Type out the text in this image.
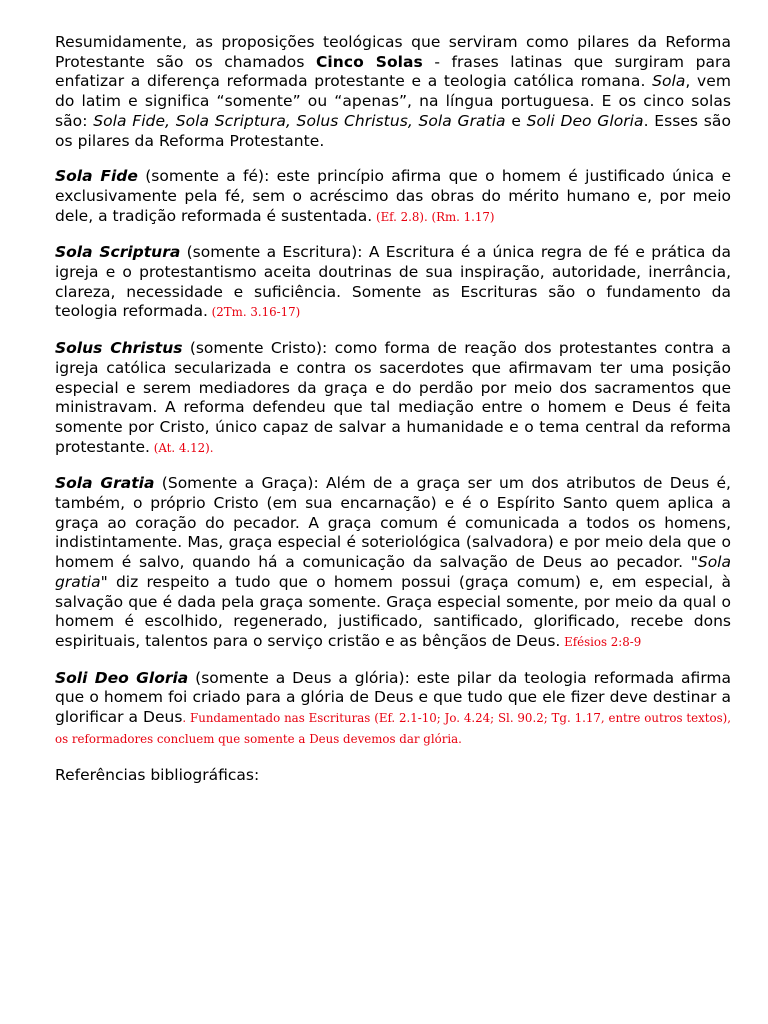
Resumidamente, as proposições teológicas que serviram como pilares da Reforma Protestante são os chamados Cinco Solas - frases latinas que surgiram para enfatizar a diferença reformada protestante e a teologia católica romana. Sola, vem do latim e significa “somente” ou “apenas”, na língua portuguesa. E os cinco solas são: Sola Fide, Sola Scriptura, Solus Christus, Sola Gratia e Soli Deo Gloria. Esses são os pilares da Reforma Protestante.

Sola Fide (somente a fé): este princípio afirma que o homem é justificado única e exclusivamente pela fé, sem o acréscimo das obras do mérito humano e, por meio dele, a tradição reformada é sustentada. (Ef. 2.8). (Rm. 1.17)

Sola Scriptura (somente a Escritura): A Escritura é a única regra de fé e prática da igreja e o protestantismo aceita doutrinas de sua inspiração, autoridade, inerrância, clareza, necessidade e suficiência. Somente as Escrituras são o fundamento da teologia reformada. (2Tm. 3.16-17)

Solus Christus (somente Cristo): como forma de reação dos protestantes contra a igreja católica secularizada e contra os sacerdotes que afirmavam ter uma posição especial e serem mediadores da graça e do perdão por meio dos sacramentos que ministravam. A reforma defendeu que tal mediação entre o homem e Deus é feita somente por Cristo, único capaz de salvar a humanidade e o tema central da reforma protestante. (At. 4.12).

Sola Gratia (Somente a Graça): Além de a graça ser um dos atributos de Deus é, também, o próprio Cristo (em sua encarnação) e é o Espírito Santo quem aplica a graça ao coração do pecador. A graça comum é comunicada a todos os homens, indistintamente. Mas, graça especial é soteriológica (salvadora) e por meio dela que o homem é salvo, quando há a comunicação da salvação de Deus ao pecador. "Sola gratia" diz respeito a tudo que o homem possui (graça comum) e, em especial, à salvação que é dada pela graça somente. Graça especial somente, por meio da qual o homem é escolhido, regenerado, justificado, santificado, glorificado, recebe dons espirituais, talentos para o serviço cristão e as bênçãos de Deus. Efésios 2:8-9

Soli Deo Gloria (somente a Deus a glória): este pilar da teologia reformada afirma que o homem foi criado para a glória de Deus e que tudo que ele fizer deve destinar a glorificar a Deus. Fundamentado nas Escrituras (Ef. 2.1-10; Jo. 4.24; Sl. 90.2; Tg. 1.17, entre outros textos), os reformadores concluem que somente a Deus devemos dar glória.

Referências bibliográficas:
